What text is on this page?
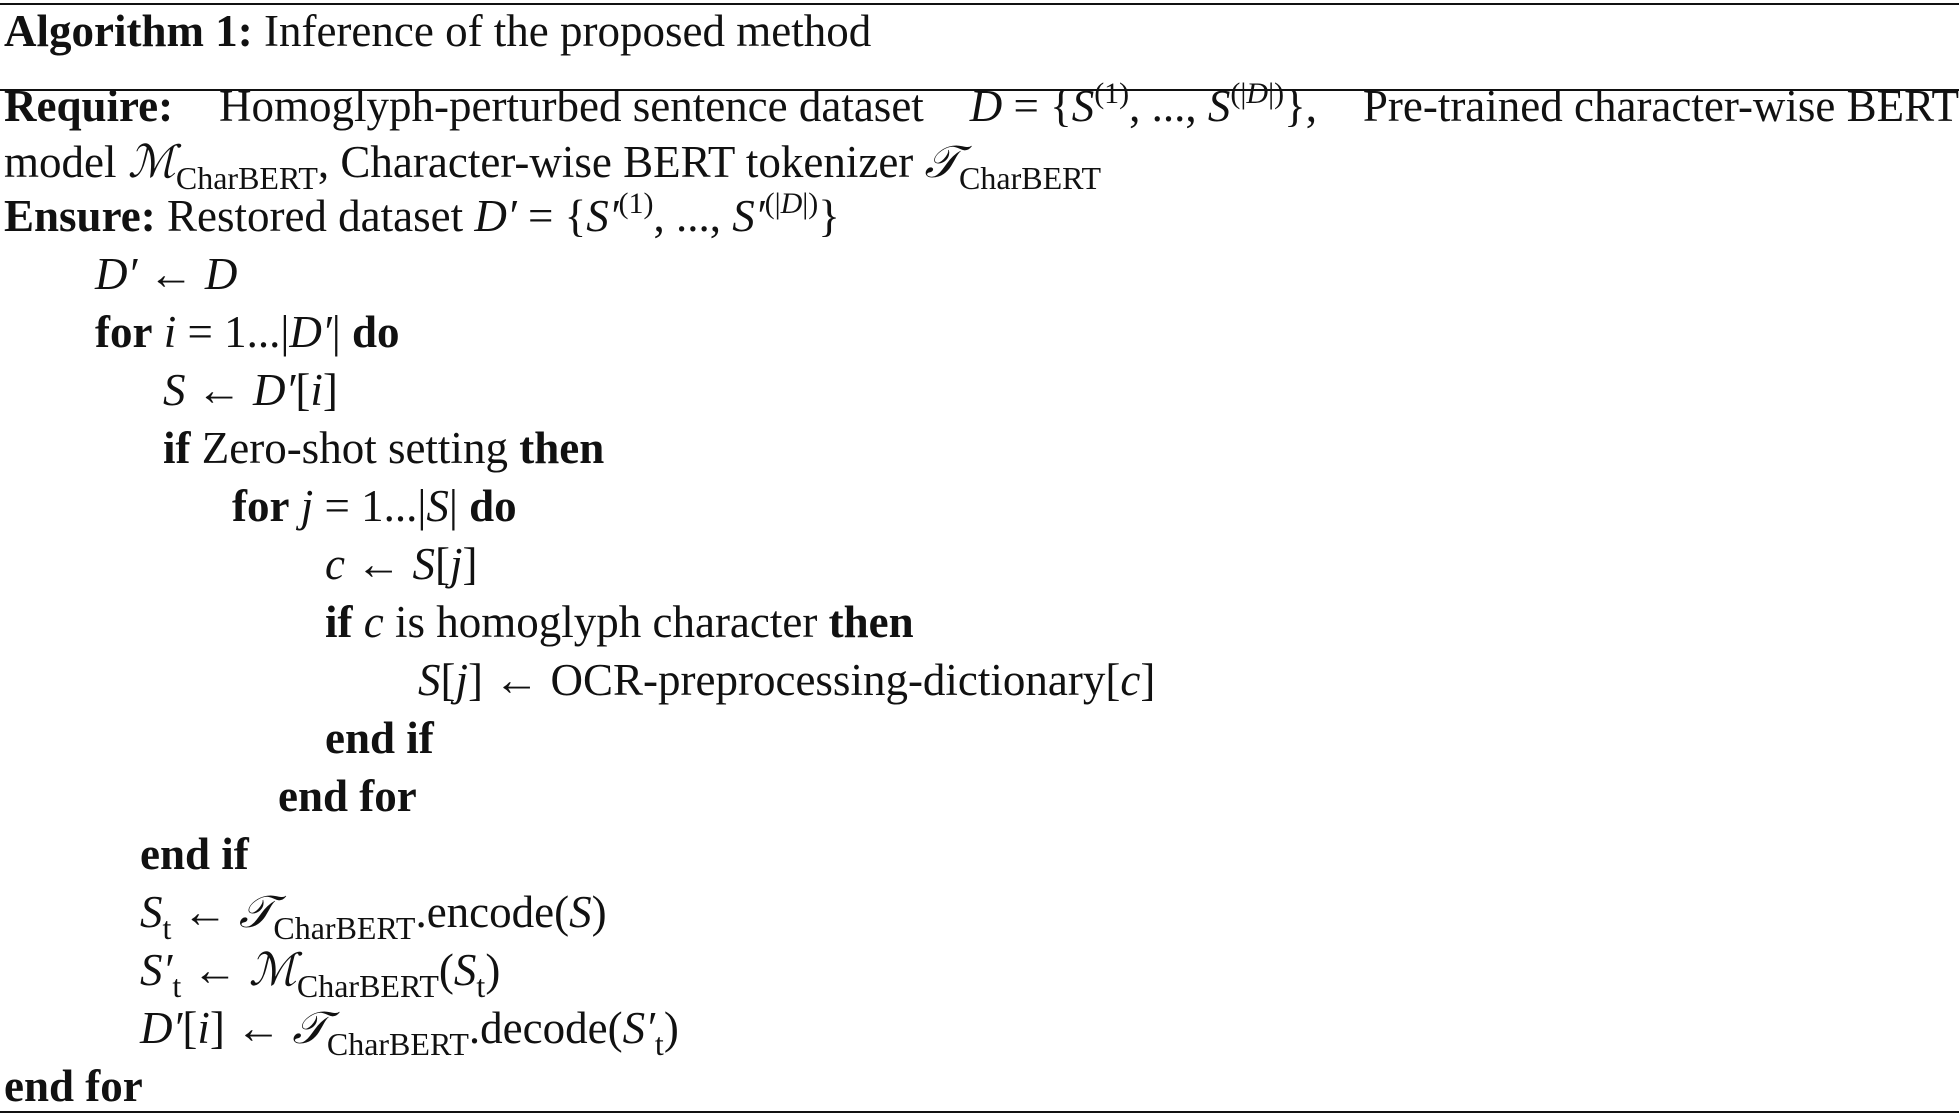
Algorithm 1: Inference of the proposed method
Require: Homoglyph-perturbed sentence dataset $D = \{S^{(1)}$, ..., $S^{(|D|)}$}, Pre-trained character-wise BERT
model ℳ$_{CharBERT}$, Character-wise BERT tokenizer 𝒯$_{CharBERT}$
Ensure: Restored dataset $D' = \{S'^{(1)}$, ..., $S'^{(|D|)}$}
D′ ← D
for i = 1...|D′| do
S ← D′[i]
if Zero-shot setting then
for j = 1...|S| do
c ← S[j]
if c is homoglyph character then
S[j] ← OCR-preprocessing-dictionary[c]
end if
end for
end if
$S_t$ ← 𝒯$_{CharBERT}$.encode(S)
$S'_t$ ← $ℳ_{CharBERT}(S_t)$
D′[i] ← $𝒯_{CharBERT}.decode(S'_t)$
end for
